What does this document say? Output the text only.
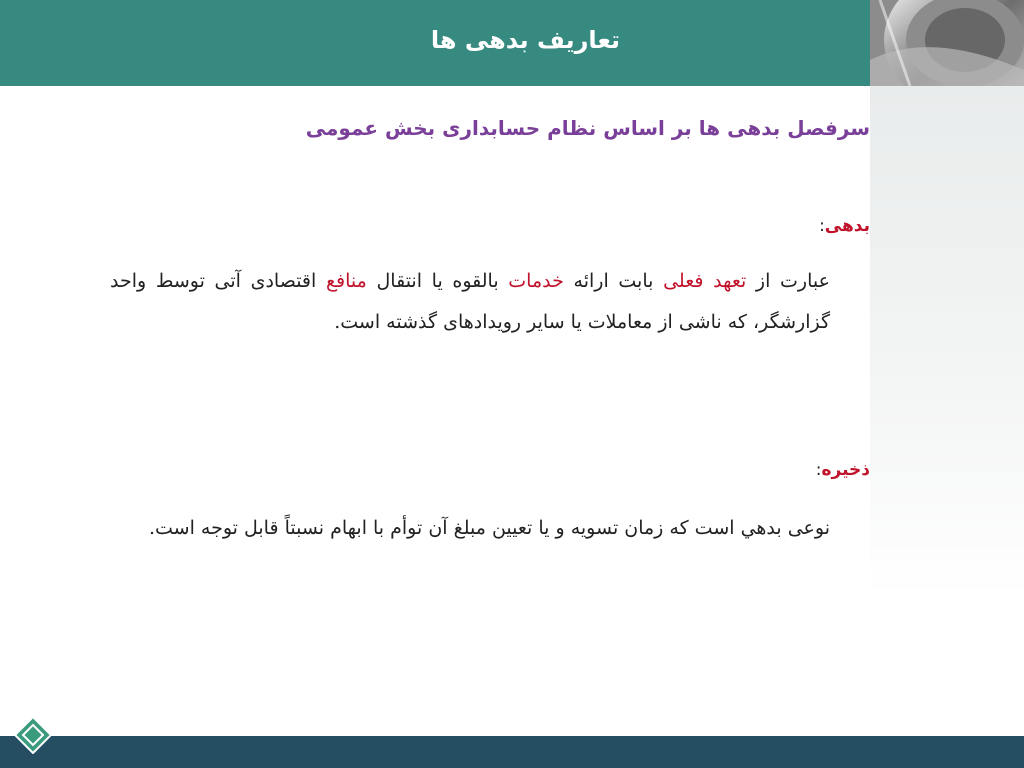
تعاریف بدهی ها
سرفصل بدهی ها بر اساس نظام حسابداری بخش عمومی
بدهی:
عبارت از تعهد فعلی بابت ارائه خدمات بالقوه یا انتقال منافع اقتصادی آتی توسط واحد گزارشگر، که ناشی از معاملات یا سایر رویدادهای گذشته است.
ذخیره:
نوعی بدهي است که زمان تسویه و یا تعیین مبلغ آن توأم با ابهام نسبتاً قابل توجه است.
